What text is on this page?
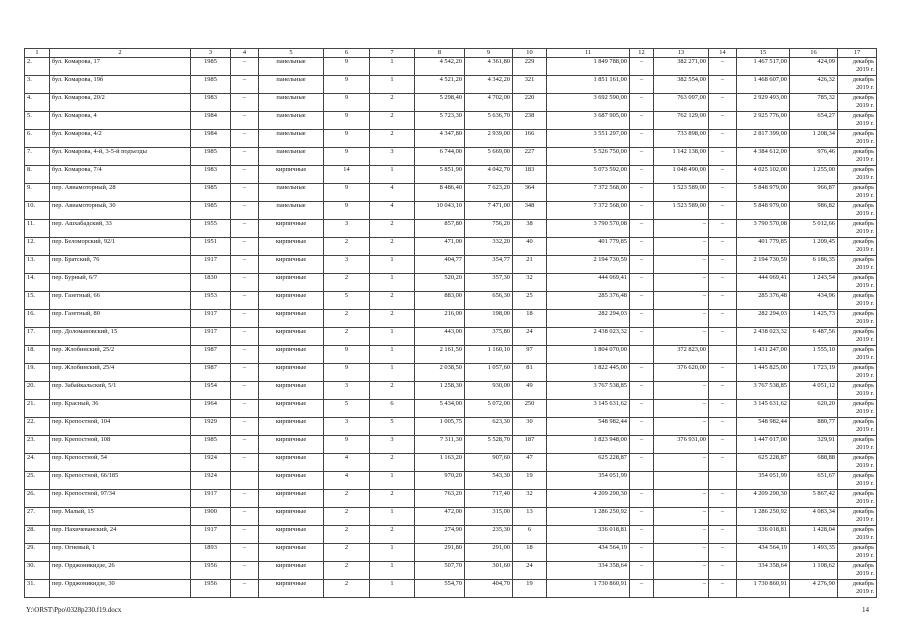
1	2	3	4	5	6	7	8	9	10	11	12	13	14	15	16	17
2.	бул. Комарова, 17	1985	–	панельные	9	1	4 542,20	4 361,80	229	1 849 788,00	–	382 271,00	–	1 467 517,00	424,09	декабрь 2019 г.
3.	бул. Комарова, 19б	1985	–	панельные	9	1	4 521,20	4 342,20	321	1 851 161,00	–	382 554,00	–	1 468 607,00	426,32	декабрь 2019 г.
4.	бул. Комарова, 20/2	1983	–	панельные	9	2	5 298,40	4 702,00	220	3 692 590,00	–	763 097,00	–	2 929 493,00	785,32	декабрь 2019 г.
5.	бул. Комарова, 4	1984	–	панельные	9	2	5 723,30	5 636,70	238	3 687 905,00	–	762 129,00	–	2 925 776,00	654,27	декабрь 2019 г.
6.	бул. Комарова, 4/2	1984	–	панельные	9	2	4 347,80	2 939,00	166	3 551 297,00	–	733 898,00	–	2 817 399,00	1 208,34	декабрь 2019 г.
7.	бул. Комарова, 4-й, 3-5-й подъезды	1985	–	панельные	9	3	6 744,00	5 669,00	227	5 526 750,00	–	1 142 138,00	–	4 384 612,00	976,46	декабрь 2019 г.
8.	бул. Комарова, 7/4	1983	–	кирпичные	14	1	5 851,90	4 042,70	183	5 073 592,00	–	1 048 490,00	–	4 025 102,00	1 255,00	декабрь 2019 г.
9.	пер. Авиамоторный, 28	1985	–	панельные	9	4	8 486,40	7 623,20	364	7 372 568,00	–	1 523 589,00	–	5 848 979,00	966,87	декабрь 2019 г.
10.	пер. Авиамоторный, 30	1985	–	панельные	9	4	10 043,10	7 471,00	348	7 372 568,00	–	1 523 589,00	–	5 848 979,00	986,82	декабрь 2019 г.
11.	пер. Ашхабадский, 33	1955	–	кирпичные	3	2	857,80	756,20	38	3 790 570,08	–	–	–	3 790 570,08	5 012,66	декабрь 2019 г.
12.	пер. Беломорский, 92/1	1951	–	кирпичные	2	2	471,00	332,20	40	401 779,85	–	–	–	401 779,85	1 209,45	декабрь 2019 г.
13.	пер. Братский, 76	1917	–	кирпичные	3	1	404,77	354,77	21	2 194 730,59	–	–	–	2 194 730,59	6 186,35	декабрь 2019 г.
14.	пер. Бурный, 6/7	1830	–	кирпичные	2	1	520,20	357,30	32	444 069,41	–	–	–	444 069,41	1 243,54	декабрь 2019 г.
15.	пер. Газетный, 66	1953	–	кирпичные	5	2	883,00	656,30	25	285 376,48	–	–	–	285 376,48	434,96	декабрь 2019 г.
16.	пер. Газетный, 80	1917	–	кирпичные	2	2	216,00	198,00	18	282 294,03	–	–	–	282 294,03	1 425,73	декабрь 2019 г.
17.	пер. Доломановский, 15	1917	–	кирпичные	2	1	443,00	375,80	24	2 438 023,32	–	–	–	2 438 023,32	6 487,56	декабрь 2019 г.
18.	пер. Жлобинский, 25/2	1987	–	кирпичные	9	1	2 161,50	1 160,10	97	1 804 070,00		372 823,00		1 431 247,00	1 555,10	декабрь 2019 г.
19.	пер. Жлобинский, 25/4	1987	–	кирпичные	9	1	2 038,50	1 057,60	81	1 822 445,00	–	376 620,00	–	1 445 825,00	1 723,19	декабрь 2019 г.
20.	пер. Забайкальский, 5/1	1954	–	кирпичные	3	2	1 258,30	930,00	49	3 767 538,85	–	–	–	3 767 538,85	4 051,12	декабрь 2019 г.
21.	пер. Красный, 36	1964	–	кирпичные	5	6	5 434,00	5 072,00	250	3 145 631,62	–	–	–	3 145 631,62	620,20	декабрь 2019 г.
22.	пер. Крепостной, 104	1929	–	кирпичные	3	5	1 005,75	623,30	30	548 982,44	–	–	–	548 982,44	880,77	декабрь 2019 г.
23.	пер. Крепостной, 108	1985	–	кирпичные	9	3	7 311,30	5 528,70	187	1 823 948,00	–	376 931,00	–	1 447 017,00	329,91	декабрь 2019 г.
24.	пер. Крепостной, 54	1924	–	кирпичные	4	2	1 163,20	907,60	47	625 228,87	–	–	–	625 228,87	688,88	декабрь 2019 г.
25.	пер. Крепостной, 66/185	1924		кирпичные	4	1	970,20	543,30	19	354 051,99				354 051,99	651,67	декабрь 2019 г.
26.	пер. Крепостной, 97/34	1917	–	кирпичные	2	2	763,20	717,40	32	4 209 290,30	–	–	–	4 209 290,30	5 867,42	декабрь 2019 г.
27.	пер. Малый, 15	1900	–	кирпичные	2	1	472,00	315,00	13	1 286 250,92	–	–	–	1 286 250,92	4 083,34	декабрь 2019 г.
28.	пер. Нахичеванский, 24	1917	–	кирпичные	2	2	274,90	235,30	6	336 018,81	–	–	–	336 018,81	1 428,04	декабрь 2019 г.
29.	пер. Огневый, 1	1893	–	кирпичные	2	1	291,80	291,00	18	434 564,19	–	–	–	434 564,19	1 493,35	декабрь 2019 г.
30.	пер. Орджоникидзе, 26	1956	–	кирпичные	2	1	507,70	301,60	24	334 358,64	–	–	–	334 358,64	1 108,62	декабрь 2019 г.
31.	пер. Орджоникидзе, 30	1956	–	кирпичные	2	1	554,70	404,70	19	1 730 860,91	–	–	–	1 730 860,91	4 276,90	декабрь 2019 г.
Y:\ORST\Ppo\0328p230.f19.docx	14
